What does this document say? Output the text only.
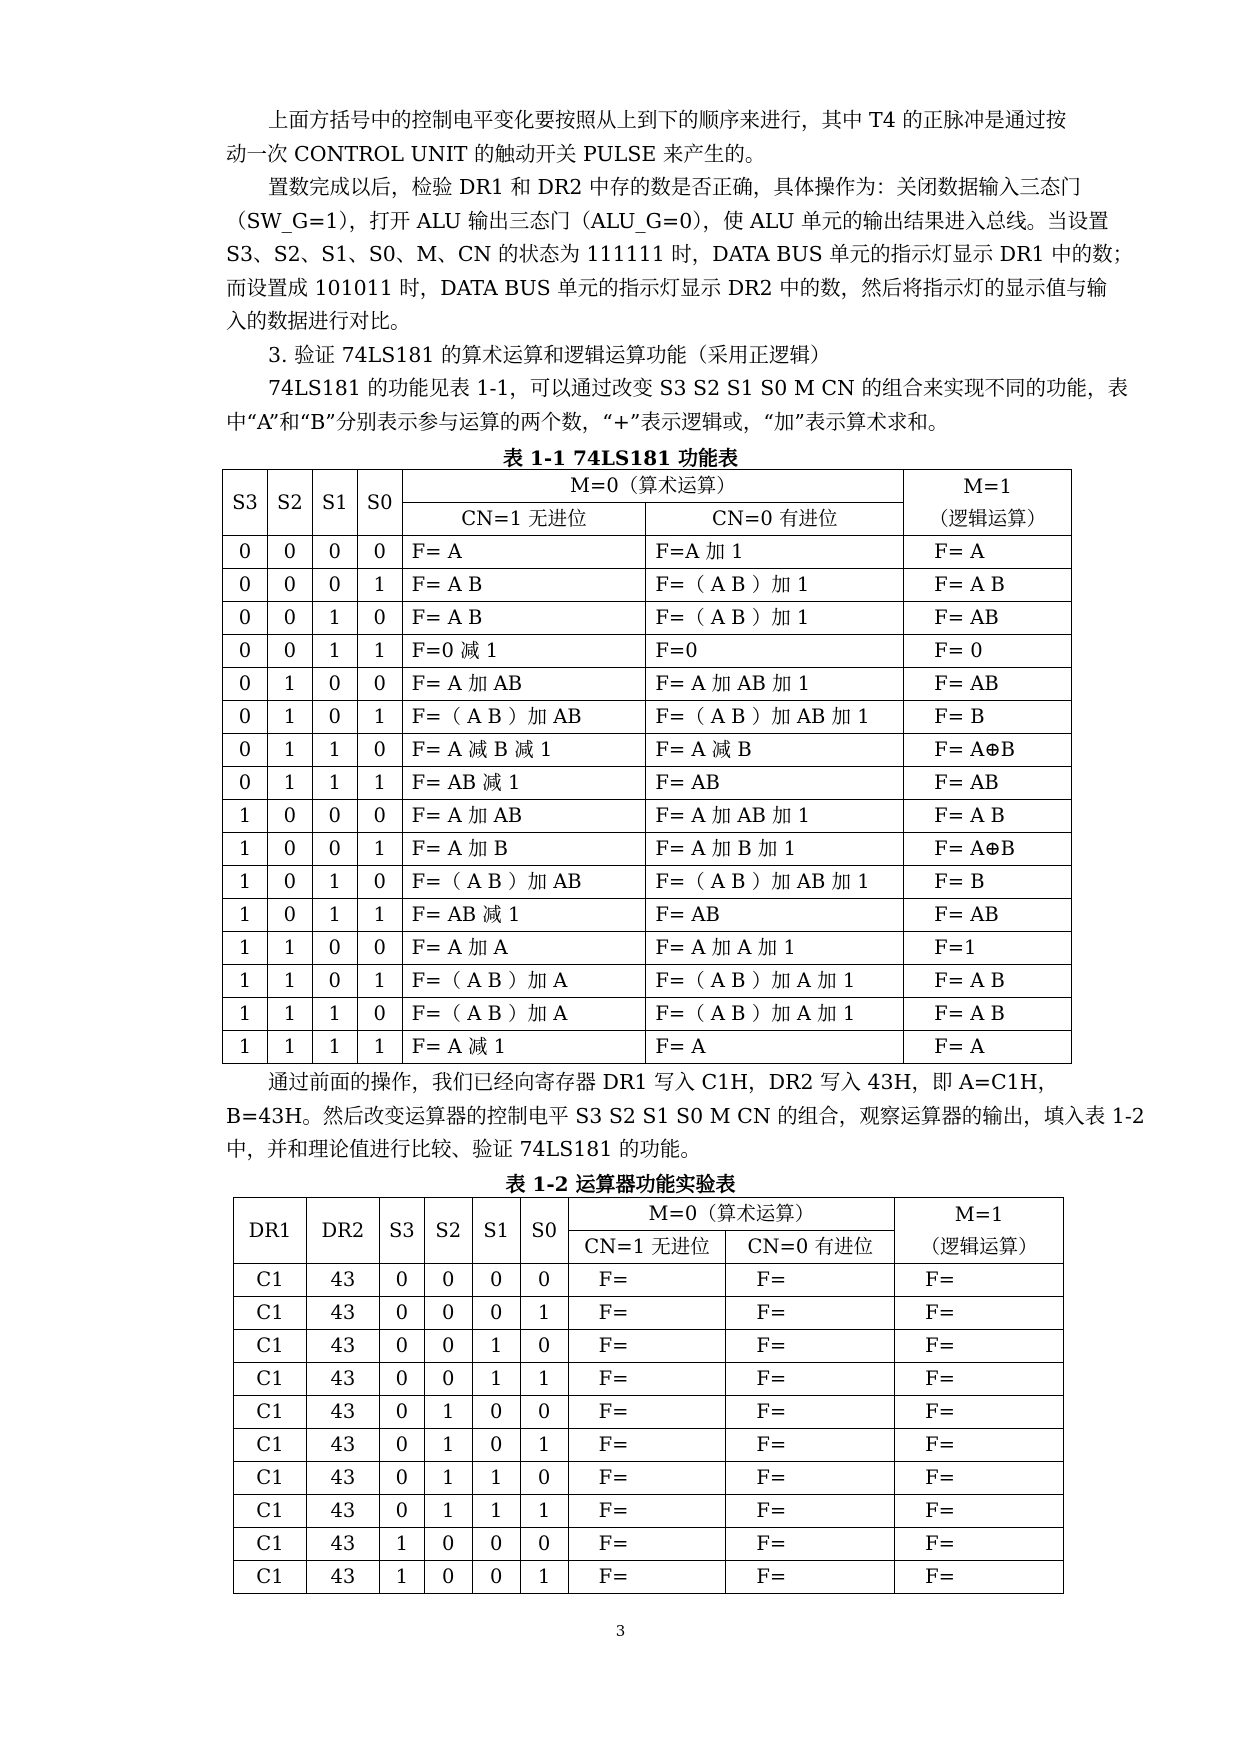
上面方括号中的控制电平变化要按照从上到下的顺序来进行，其中 T4 的正脉冲是通过按
动一次 CONTROL UNIT 的触动开关 PULSE 来产生的。
置数完成以后，检验 DR1 和 DR2 中存的数是否正确，具体操作为：关闭数据输入三态门
（SW_G=1），打开 ALU 输出三态门（ALU_G=0），使 ALU 单元的输出结果进入总线。当设置
S3、S2、S1、S0、M、CN 的状态为 111111 时，DATA BUS 单元的指示灯显示 DR1 中的数；
而设置成 101011 时，DATA BUS 单元的指示灯显示 DR2 中的数，然后将指示灯的显示值与输
入的数据进行对比。
3. 验证 74LS181 的算术运算和逻辑运算功能（采用正逻辑）
74LS181 的功能见表 1-1，可以通过改变 S3 S2 S1 S0 M CN 的组合来实现不同的功能，表
中“A”和“B”分别表示参与运算的两个数，“+”表示逻辑或，“加”表示算术求和。

表 1-1 74LS181 功能表

S3	S2	S1	S0	M=0（算术运算）		M=1
（逻辑运算）

				CN=1 无进位	CN=0 有进位	
0	0	0	0	F= A	F=A 加 1	F= A
0	0	0	1	F= A B	F=（ A B ）加 1	F= A B
0	0	1	0	F= A B	F=（ A B ）加 1	F= AB
0	0	1	1	F=0 减 1	F=0	F= 0
0	1	0	0	F= A 加 AB	F= A 加 AB 加 1	F= AB
0	1	0	1	F=（ A B ）加 AB	F=（ A B ）加 AB 加 1	F= B
0	1	1	0	F= A 减 B 减 1	F= A 减 B	F= A⊕B
0	1	1	1	F= AB 减 1	F= AB	F= AB
1	0	0	0	F= A 加 AB	F= A 加 AB 加 1	F= A B
1	0	0	1	F= A 加 B	F= A 加 B 加 1	F= A⊕B
1	0	1	0	F=（ A B ）加 AB	F=（ A B ）加 AB 加 1	F= B
1	0	1	1	F= AB 减 1	F= AB	F= AB
1	1	0	0	F= A 加 A	F= A 加 A 加 1	F=1
1	1	0	1	F=（ A B ）加 A	F=（ A B ）加 A 加 1	F= A B
1	1	1	0	F=（ A B ）加 A	F=（ A B ）加 A 加 1	F= A B
1	1	1	1	F= A 减 1	F= A	F= A
通过前面的操作，我们已经向寄存器 DR1 写入 C1H，DR2 写入 43H，即 A=C1H，
B=43H。然后改变运算器的控制电平 S3 S2 S1 S0 M CN 的组合，观察运算器的输出，填入表 1-2
中，并和理论值进行比较、验证 74LS181 的功能。

表 1-2 运算器功能实验表

DR1	DR2	S3	S2	S1	S0	M=0（算术运算）		M=1
（逻辑运算）

						CN=1 无进位	CN=0 有进位	
C1	43	0	0	0	0	F=	F=	F=
C1	43	0	0	0	1	F=	F=	F=
C1	43	0	0	1	0	F=	F=	F=
C1	43	0	0	1	1	F=	F=	F=
C1	43	0	1	0	0	F=	F=	F=
C1	43	0	1	0	1	F=	F=	F=
C1	43	0	1	1	0	F=	F=	F=
C1	43	0	1	1	1	F=	F=	F=
C1	43	1	0	0	0	F=	F=	F=
C1	43	1	0	0	1	F=	F=	F=

3
